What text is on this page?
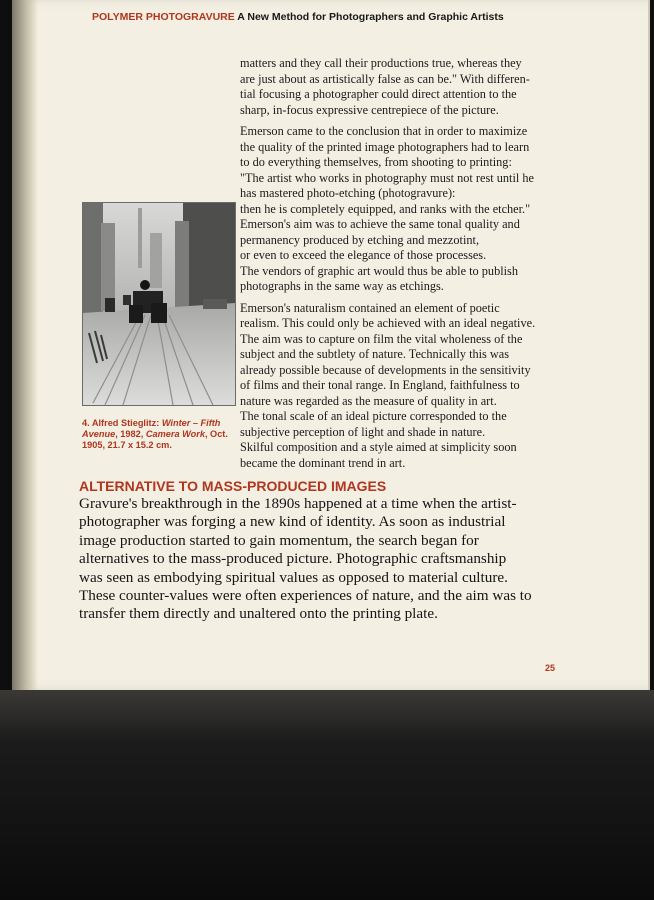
POLYMER PHOTOGRAVURE A New Method for Photographers and Graphic Artists
matters and they call their productions true, whereas they
are just about as artistically false as can be." With differen-
tial focusing a photographer could direct attention to the
sharp, in-focus expressive centrepiece of the picture.
Emerson came to the conclusion that in order to maximize
the quality of the printed image photographers had to learn
to do everything themselves, from shooting to printing:
"The artist who works in photography must not rest until he
has mastered photo-etching (photogravure):
then he is completely equipped, and ranks with the etcher."
Emerson's aim was to achieve the same tonal quality and
permanency produced by etching and mezzotint,
or even to exceed the elegance of those processes.
The vendors of graphic art would thus be able to publish
photographs in the same way as etchings.
Emerson's naturalism contained an element of poetic
realism. This could only be achieved with an ideal negative.
The aim was to capture on film the vital wholeness of the
subject and the subtlety of nature. Technically this was
already possible because of developments in the sensitivity
of films and their tonal range. In England, faithfulness to
nature was regarded as the measure of quality in art.
The tonal scale of an ideal picture corresponded to the
subjective perception of light and shade in nature.
Skilful composition and a style aimed at simplicity soon
became the dominant trend in art.
4. Alfred Stieglitz: Winter – Fifth Avenue, 1982, Camera Work, Oct. 1905, 21.7 x 15.2 cm.
ALTERNATIVE TO MASS-PRODUCED IMAGES
Gravure's breakthrough in the 1890s happened at a time when the artist-
photographer was forging a new kind of identity. As soon as industrial
image production started to gain momentum, the search began for
alternatives to the mass-produced picture. Photographic craftsmanship
was seen as embodying spiritual values as opposed to material culture.
These counter-values were often experiences of nature, and the aim was to
transfer them directly and unaltered onto the printing plate.
25
